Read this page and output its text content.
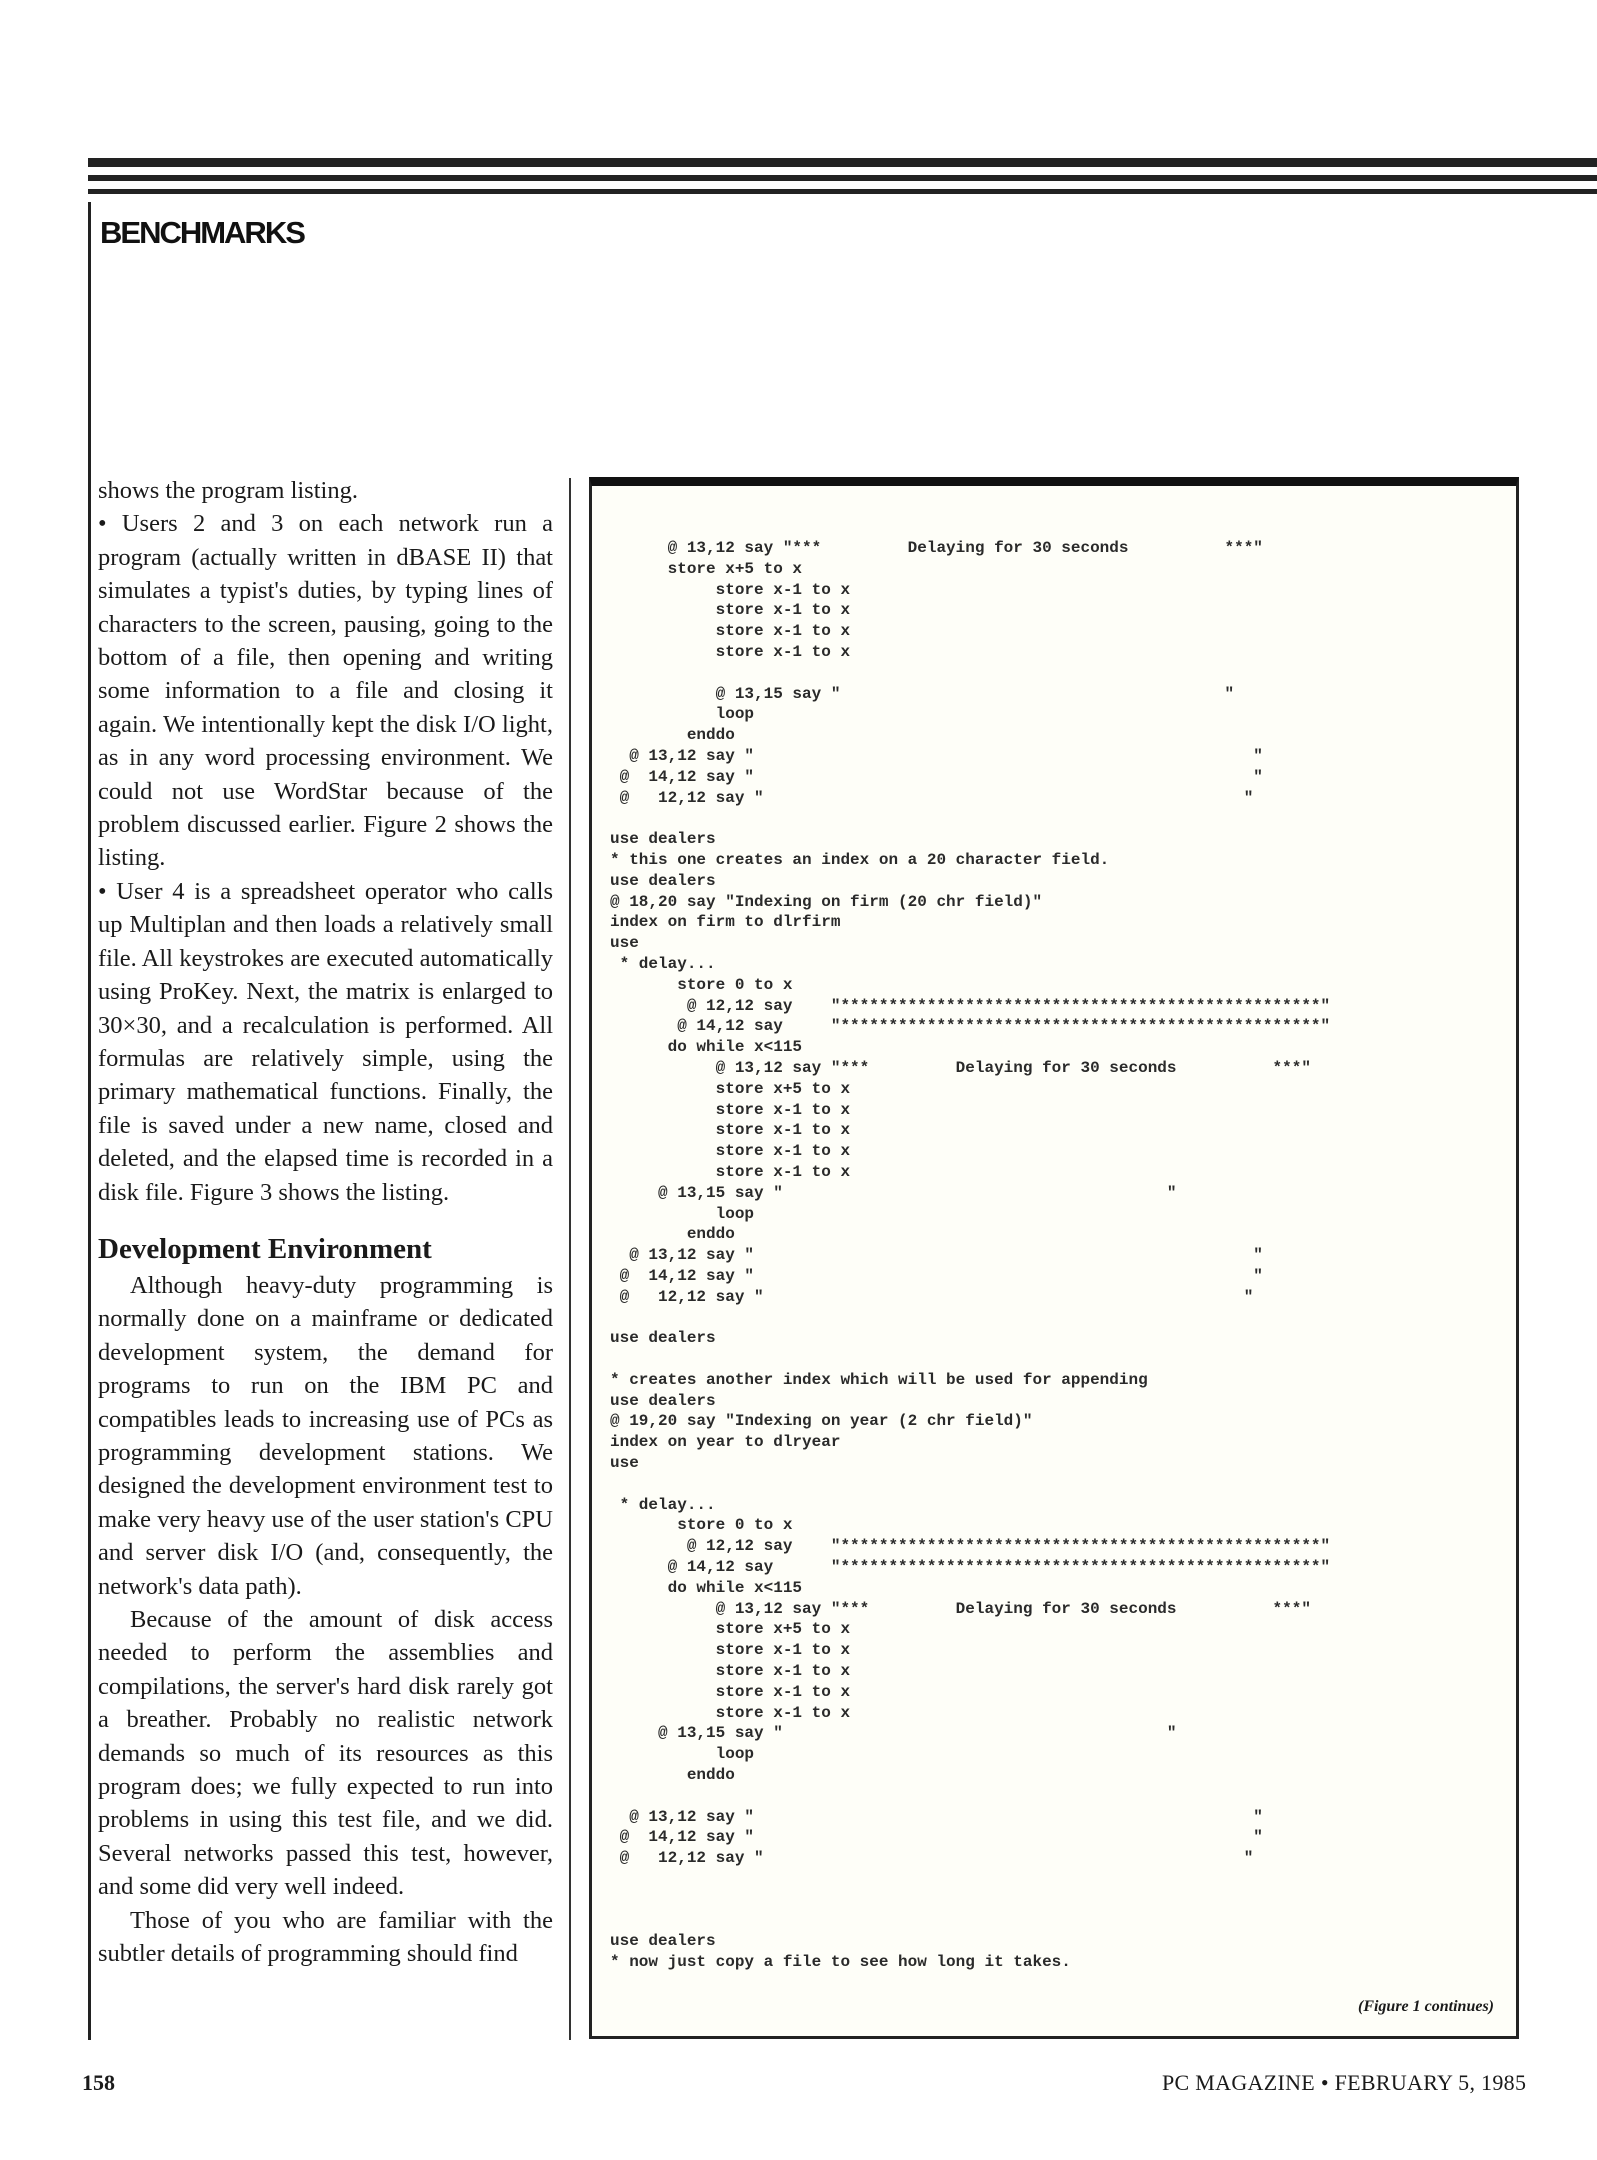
BENCHMARKS

shows the program listing.

• Users 2 and 3 on each network run a program (actually written in dBASE II) that simulates a typist's duties, by typing lines of characters to the screen, pausing, going to the bottom of a file, then opening and writing some information to a file and closing it again. We intentionally kept the disk I/O light, as in any word processing environment. We could not use WordStar because of the problem discussed earlier. Figure 2 shows the listing.

• User 4 is a spreadsheet operator who calls up Multiplan and then loads a relatively small file. All keystrokes are executed automatically using ProKey. Next, the matrix is enlarged to 30×30, and a recalculation is performed. All formulas are relatively simple, using the primary mathematical functions. Finally, the file is saved under a new name, closed and deleted, and the elapsed time is recorded in a disk file. Figure 3 shows the listing.

Development Environment

Although heavy-duty programming is normally done on a mainframe or dedicated development system, the demand for programs to run on the IBM PC and compatibles leads to increasing use of PCs as programming development stations. We designed the development environment test to make very heavy use of the user station's CPU and server disk I/O (and, consequently, the network's data path).

Because of the amount of disk access needed to perform the assemblies and compilations, the server's hard disk rarely got a breather. Probably no realistic network demands so much of its resources as this program does; we fully expected to run into problems in using this test file, and we did. Several networks passed this test, however, and some did very well indeed.

Those of you who are familiar with the subtler details of programming should find

@ 13,12 say "***         Delaying for 30 seconds          ***"
store x+5 to x
store x-1 to x
store x-1 to x
store x-1 to x
store x-1 to x
@ 13,15 say "                                        "
loop
enddo
@ 13,12 say "                                                    "
@  14,12 say "                                                    "
@   12,12 say "                                                  "
use dealers
* this one creates an index on a 20 character field.
use dealers
@ 18,20 say "Indexing on firm (20 chr field)"
index on firm to dlrfirm
use
* delay...
store 0 to x
@ 12,12 say    "**************************************************"
@ 14,12 say     "**************************************************"
do while x<115
@ 13,12 say "***         Delaying for 30 seconds          ***"
store x+5 to x
store x-1 to x
store x-1 to x
store x-1 to x
store x-1 to x
@ 13,15 say "                                        "
loop
enddo
@ 13,12 say "                                                    "
@  14,12 say "                                                    "
@   12,12 say "                                                  "
use dealers
* creates another index which will be used for appending
use dealers
@ 19,20 say "Indexing on year (2 chr field)"
index on year to dlryear
use
* delay...
store 0 to x
@ 12,12 say    "**************************************************"
@ 14,12 say      "**************************************************"
do while x<115
@ 13,12 say "***         Delaying for 30 seconds          ***"
store x+5 to x
store x-1 to x
store x-1 to x
store x-1 to x
store x-1 to x
@ 13,15 say "                                        "
loop
enddo
@ 13,12 say "                                                    "
@  14,12 say "                                                    "
@   12,12 say "                                                  "
use dealers
* now just copy a file to see how long it takes.
(Figure 1 continues)
158	PC MAGAZINE • FEBRUARY 5, 1985
